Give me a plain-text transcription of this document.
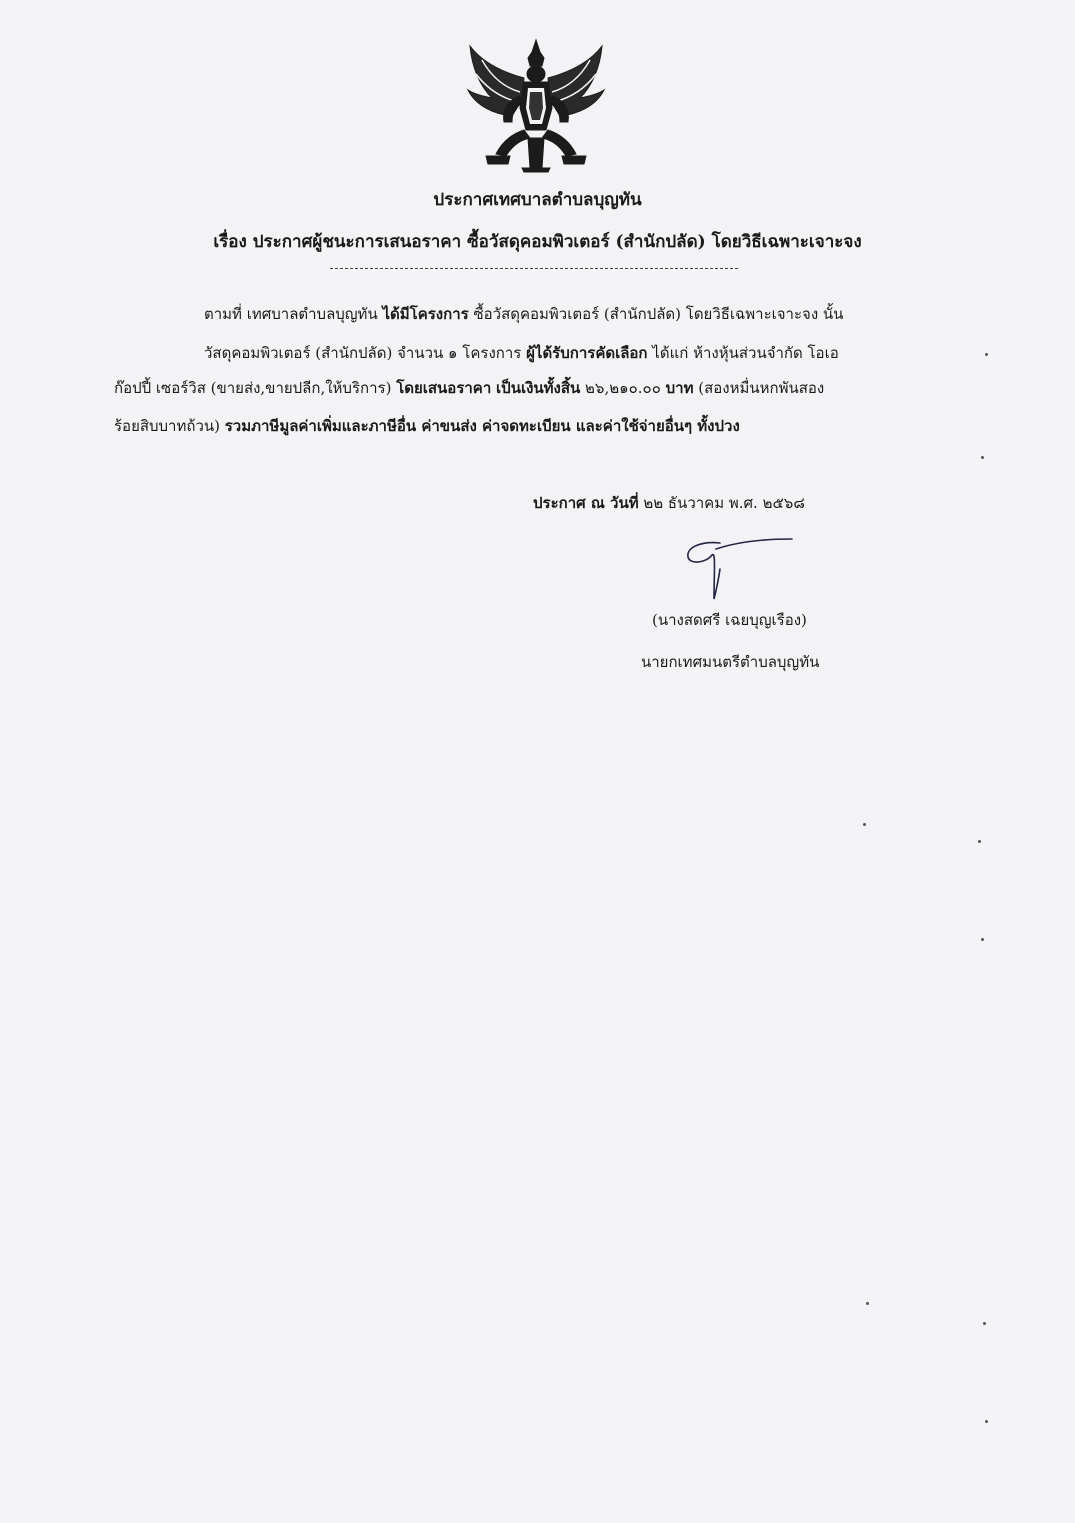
ประกาศเทศบาลตำบลบุญทัน
เรื่อง ประกาศผู้ชนะการเสนอราคา ซื้อวัสดุคอมพิวเตอร์ (สำนักปลัด) โดยวิธีเฉพาะเจาะจง
ตามที่ เทศบาลตำบลบุญทัน ได้มีโครงการ ซื้อวัสดุคอมพิวเตอร์ (สำนักปลัด) โดยวิธีเฉพาะเจาะจง นั้น
วัสดุคอมพิวเตอร์ (สำนักปลัด) จำนวน ๑ โครงการ ผู้ได้รับการคัดเลือก ได้แก่ ห้างหุ้นส่วนจำกัด โอเอ
ก๊อปปี้ เซอร์วิส (ขายส่ง,ขายปลีก,ให้บริการ) โดยเสนอราคา เป็นเงินทั้งสิ้น ๒๖,๒๑๐.๐๐ บาท (สองหมื่นหกพันสอง
ร้อยสิบบาทถ้วน) รวมภาษีมูลค่าเพิ่มและภาษีอื่น ค่าขนส่ง ค่าจดทะเบียน และค่าใช้จ่ายอื่นๆ ทั้งปวง
ประกาศ ณ วันที่ ๒๒ ธันวาคม พ.ศ. ๒๕๖๘
(นางสดศรี เฉยบุญเรือง)
นายกเทศมนตรีตำบลบุญทัน
